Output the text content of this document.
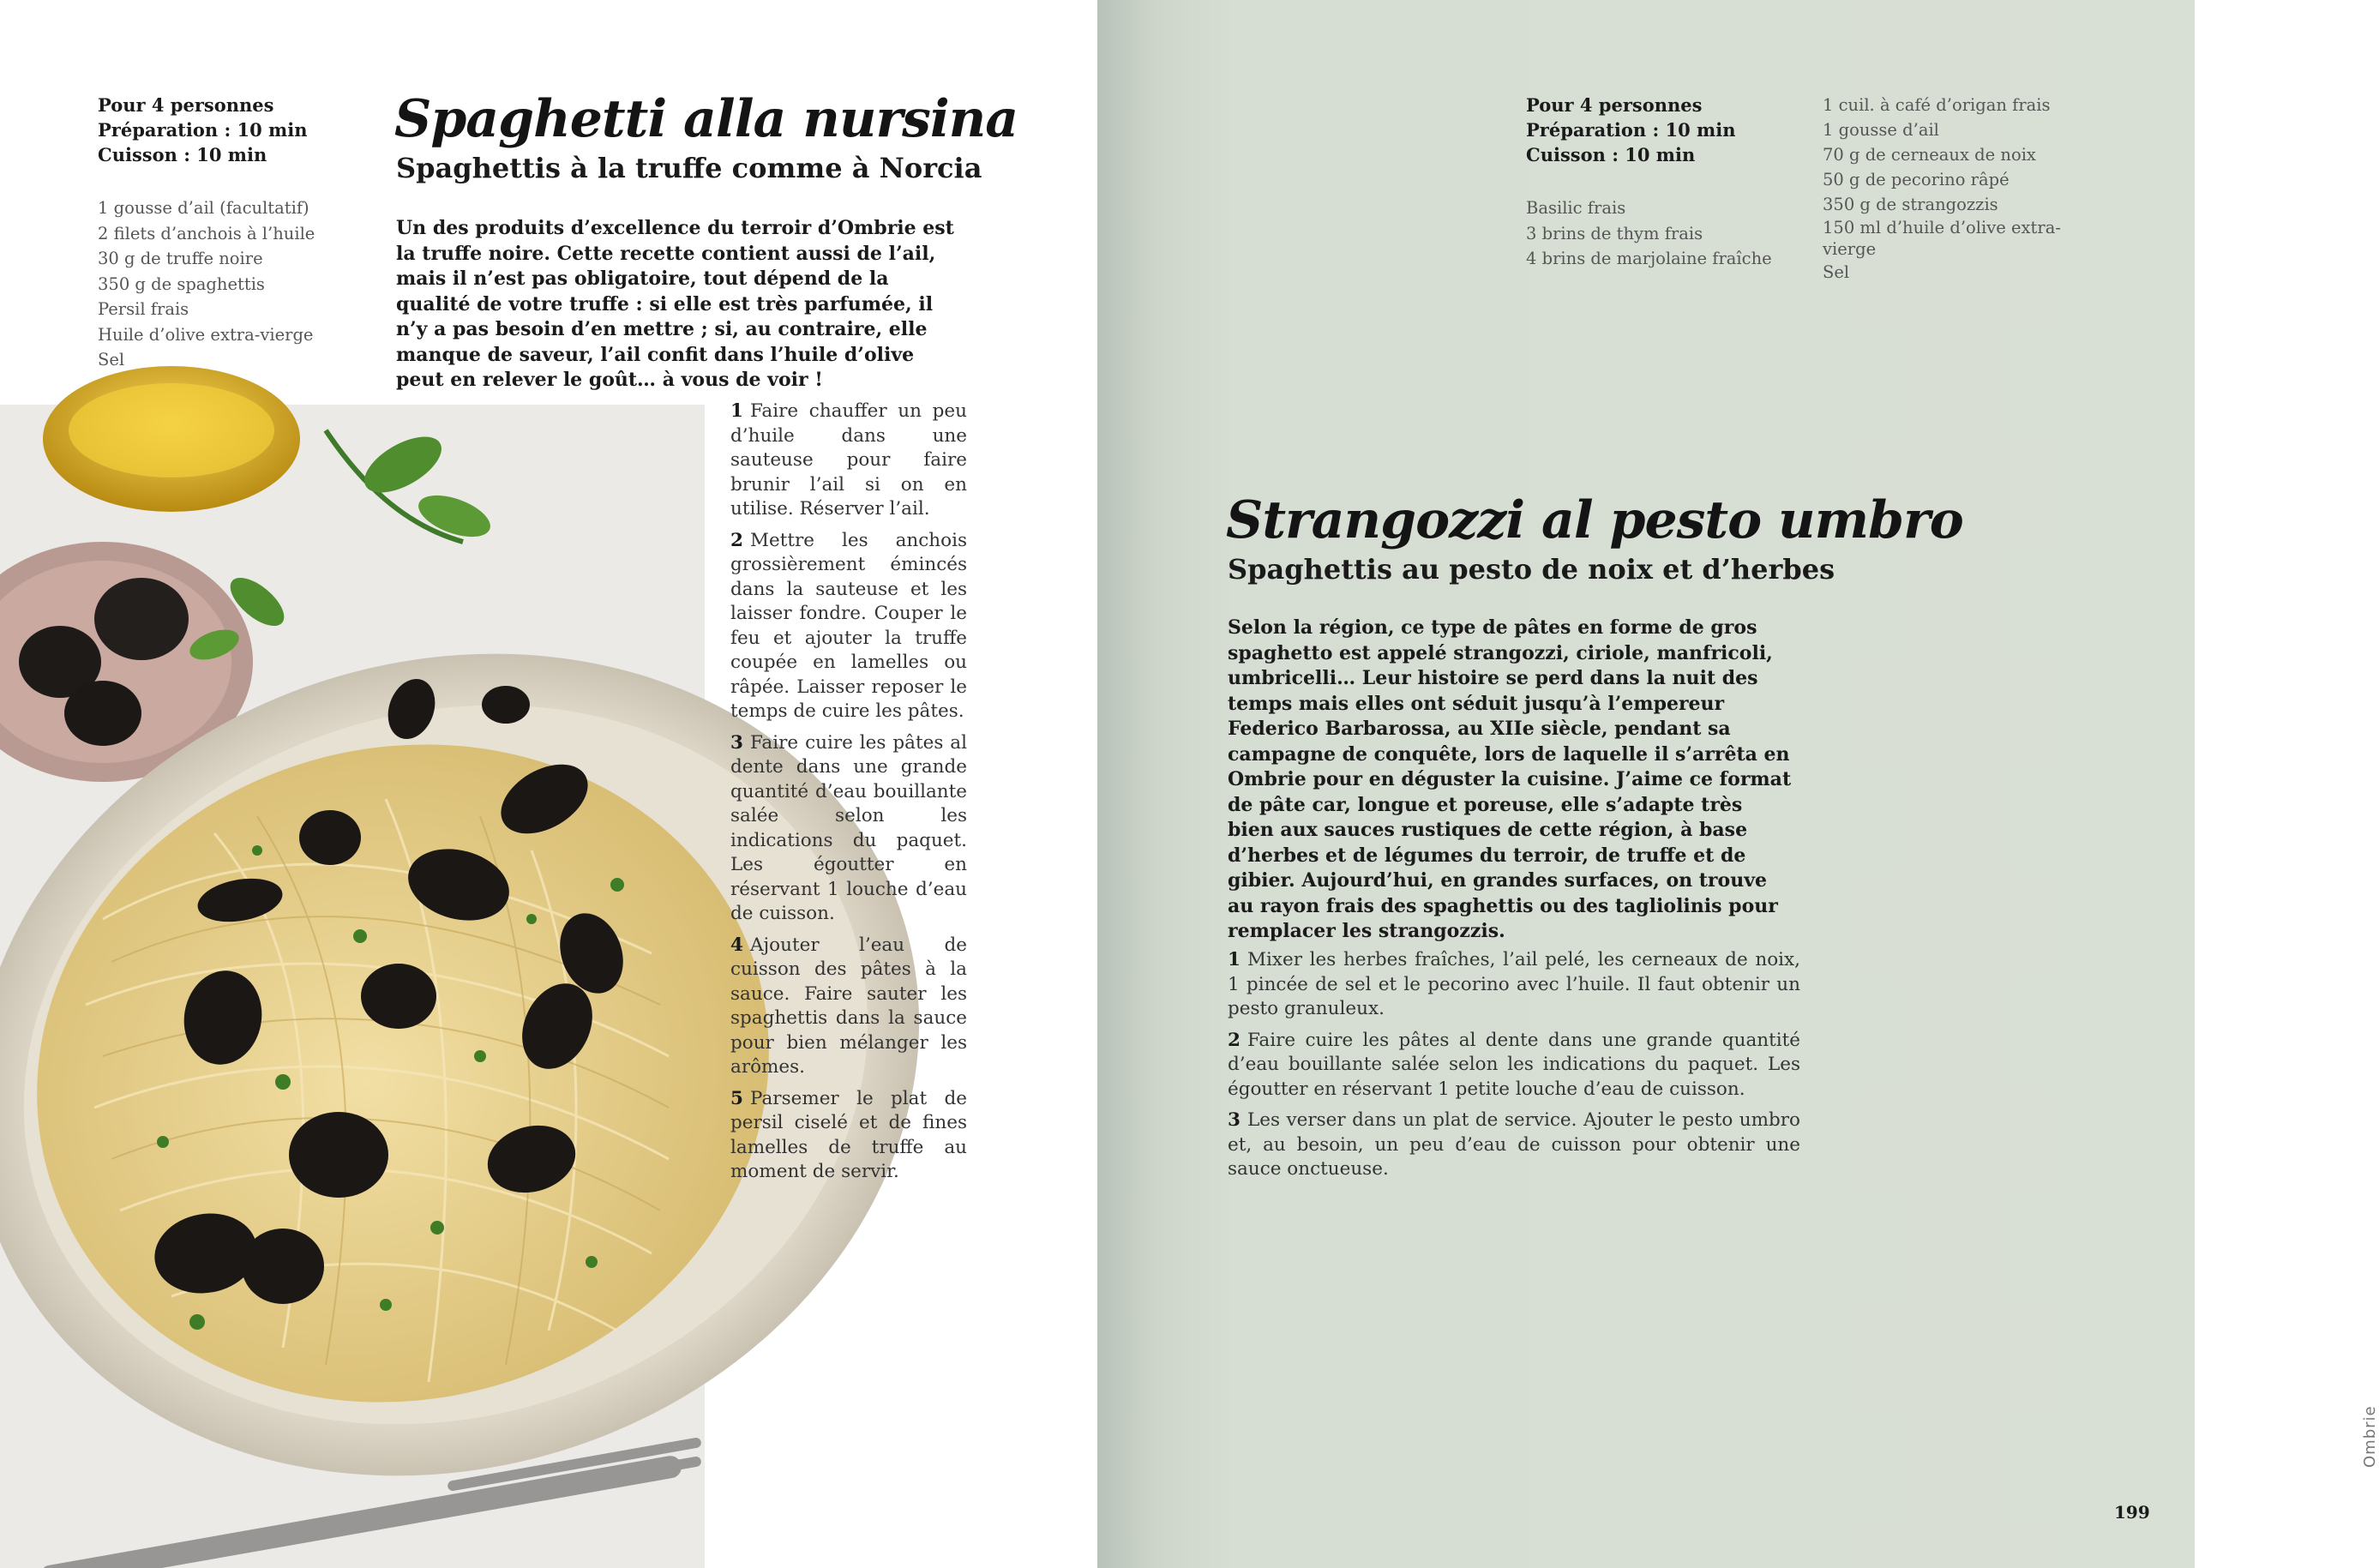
Pour 4 personnes
Préparation : 10 min
Cuisson : 10 min
1 gousse d’ail (facultatif)
2 filets d’anchois à l’huile
30 g de truffe noire
350 g de spaghettis
Persil frais
Huile d’olive extra-vierge
Sel
Spaghetti alla nursina
Spaghettis à la truffe comme à Norcia

Un des produits d’excellence du terroir d’Ombrie est la truffe noire. Cette recette contient aussi de l’ail, mais il n’est pas obligatoire, tout dépend de la qualité de votre truffe : si elle est très parfumée, il n’y a pas besoin d’en mettre ; si, au contraire, elle manque de saveur, l’ail confit dans l’huile d’olive peut en relever le goût… à vous de voir !

1 Faire chauffer un peu d’huile dans une sauteuse pour faire brunir l’ail si on en utilise. Réserver l’ail.
2 Mettre les anchois grossièrement émincés dans la sauteuse et les laisser fondre. Couper le feu et ajouter la truffe coupée en lamelles ou râpée. Laisser reposer le temps de cuire les pâtes.
3 Faire cuire les pâtes al dente dans une grande quantité d’eau bouillante salée selon les indications du paquet. Les égoutter en réservant 1 louche d’eau de cuisson.
4 Ajouter l’eau de cuisson des pâtes à la sauce. Faire sauter les spaghettis dans la sauce pour bien mélanger les arômes.
5 Parsemer le plat de persil ciselé et de fines lamelles de truffe au moment de servir.
Pour 4 personnes
Préparation : 10 min
Cuisson : 10 min
Basilic frais
3 brins de thym frais
4 brins de marjolaine fraîche
1 cuil. à café d’origan frais
1 gousse d’ail
70 g de cerneaux de noix
50 g de pecorino râpé
350 g de strangozzis
150 ml d’huile d’olive extra-vierge
Sel
Strangozzi al pesto umbro
Spaghettis au pesto de noix et d’herbes

Selon la région, ce type de pâtes en forme de gros spaghetto est appelé strangozzi, ciriole, manfricoli, umbricelli… Leur histoire se perd dans la nuit des temps mais elles ont séduit jusqu’à l’empereur Federico Barbarossa, au XIIe siècle, pendant sa campagne de conquête, lors de laquelle il s’arrêta en Ombrie pour en déguster la cuisine. J’aime ce format de pâte car, longue et poreuse, elle s’adapte très bien aux sauces rustiques de cette région, à base d’herbes et de légumes du terroir, de truffe et de gibier. Aujourd’hui, en grandes surfaces, on trouve au rayon frais des spaghettis ou des tagliolinis pour remplacer les strangozzis.

1 Mixer les herbes fraîches, l’ail pelé, les cerneaux de noix, 1 pincée de sel et le pecorino avec l’huile. Il faut obtenir un pesto granuleux.
2 Faire cuire les pâtes al dente dans une grande quantité d’eau bouillante salée selon les indications du paquet. Les égoutter en réservant 1 petite louche d’eau de cuisson.
3 Les verser dans un plat de service. Ajouter le pesto umbro et, au besoin, un peu d’eau de cuisson pour obtenir une sauce onctueuse.
Ombrie
199
